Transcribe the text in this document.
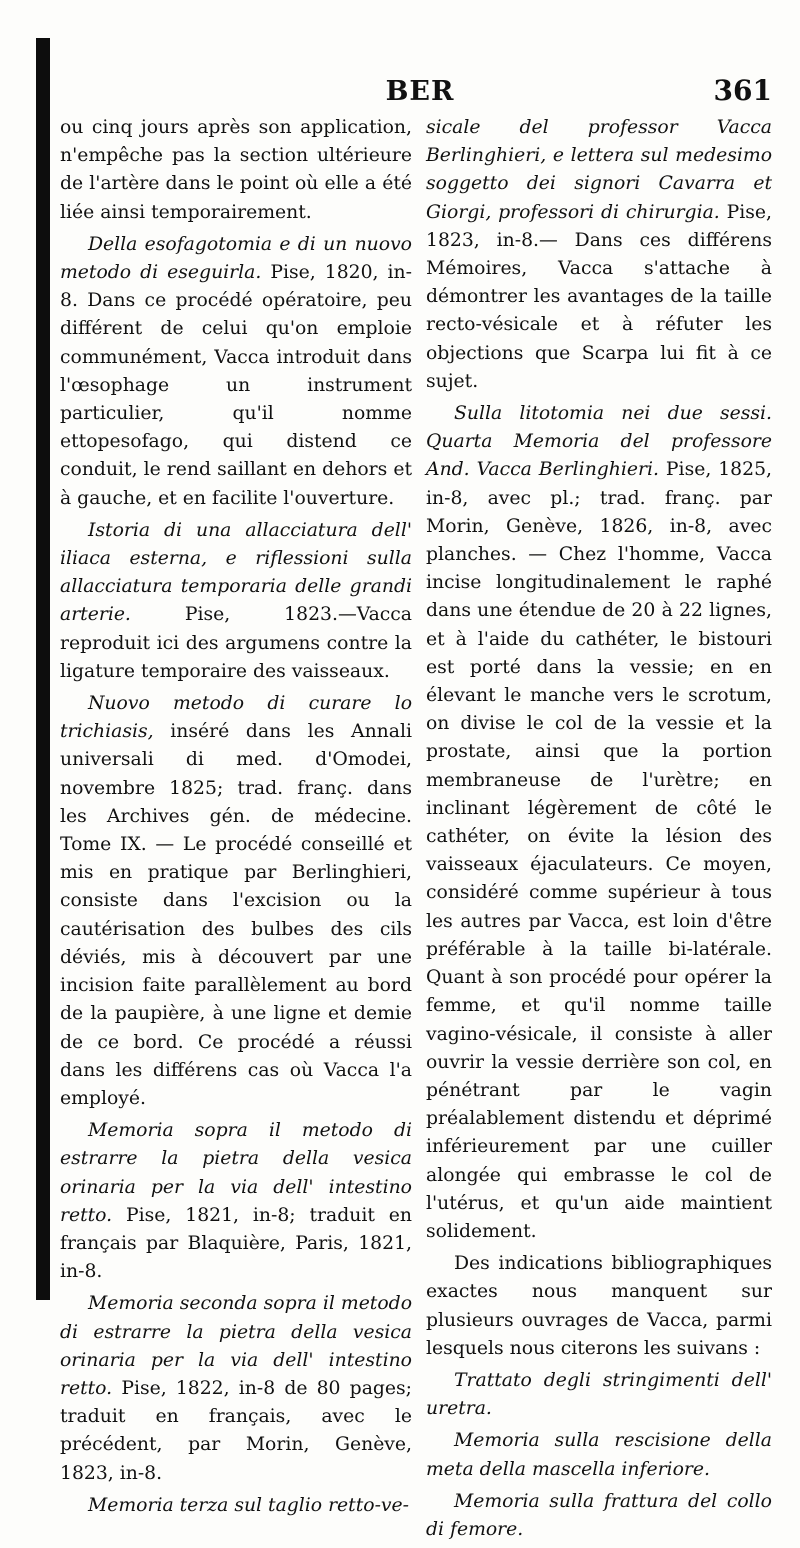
BER	361

ou cinq jours après son application, n'empêche pas la section ultérieure de l'artère dans le point où elle a été liée ainsi temporairement.

Della esofagotomia e di un nuovo metodo di eseguirla. Pise, 1820, in-8. Dans ce procédé opératoire, peu différent de celui qu'on emploie communément, Vacca introduit dans l'œsophage un instrument particulier, qu'il nomme ettopesofago, qui distend ce conduit, le rend saillant en dehors et à gauche, et en facilite l'ouverture.

Istoria di una allacciatura dell' iliaca esterna, e riflessioni sulla allacciatura temporaria delle grandi arterie.	Pise, 1823.—Vacca reproduit ici des argumens contre la ligature temporaire des vaisseaux.

Nuovo metodo di curare lo trichiasis, inséré dans les Annali universali di med. d'Omodei, novembre 1825; trad. franç. dans les Archives gén. de médecine. Tome IX. — Le procédé conseillé et mis en pratique par Berlinghieri, consiste dans l'excision ou la cautérisation des bulbes des cils déviés, mis à découvert par une incision faite parallèlement au bord de la paupière, à une ligne et demie de ce bord. Ce procédé a réussi dans les différens cas où Vacca l'a employé.

Memoria sopra il metodo di estrarre la pietra della vesica orinaria per la via dell' intestino retto. Pise, 1821, in-8; traduit en français par Blaquière, Paris, 1821, in-8.

Memoria seconda sopra il metodo di estrarre la pietra della vesica orinaria per la via dell' intestino retto. Pise, 1822, in-8 de 80 pages; traduit en français, avec le précédent, par Morin, Genève, 1823, in-8.

Memoria terza sul taglio retto-ve-

sicale del professor Vacca Berlinghieri, e lettera sul medesimo soggetto dei signori Cavarra et Giorgi, professori di chirurgia. Pise, 1823, in-8.— Dans ces différens Mémoires, Vacca s'attache à démontrer les avantages de la taille recto-vésicale et à réfuter les objections que Scarpa lui fit à ce sujet.

Sulla litotomia nei due sessi. Quarta Memoria del professore And. Vacca Berlinghieri. Pise, 1825, in-8, avec pl.; trad. franç. par Morin, Genève, 1826, in-8, avec planches. — Chez l'homme, Vacca incise longitudinalement le raphé dans une étendue de 20 à 22 lignes, et à l'aide du cathéter, le bistouri est porté dans la vessie; en en élevant le manche vers le scrotum, on divise le col de la vessie et la prostate, ainsi que la portion membraneuse de l'urètre; en inclinant légèrement de côté le cathéter, on évite la lésion des vaisseaux éjaculateurs. Ce moyen, considéré comme supérieur à tous les autres par Vacca, est loin d'être préférable à la taille bi-latérale. Quant à son procédé pour opérer la femme, et qu'il nomme taille vagino-vésicale, il consiste à aller ouvrir la vessie derrière son col, en pénétrant par le vagin préalablement distendu et déprimé inférieurement par une cuiller alongée qui embrasse le col de l'utérus, et qu'un aide maintient solidement.

Des indications bibliographiques exactes nous manquent sur plusieurs ouvrages de Vacca, parmi lesquels nous citerons les suivans :

Trattato degli stringimenti dell' uretra.

Memoria sulla rescisione della meta della mascella inferiore.

Memoria sulla frattura del collo di femore.
